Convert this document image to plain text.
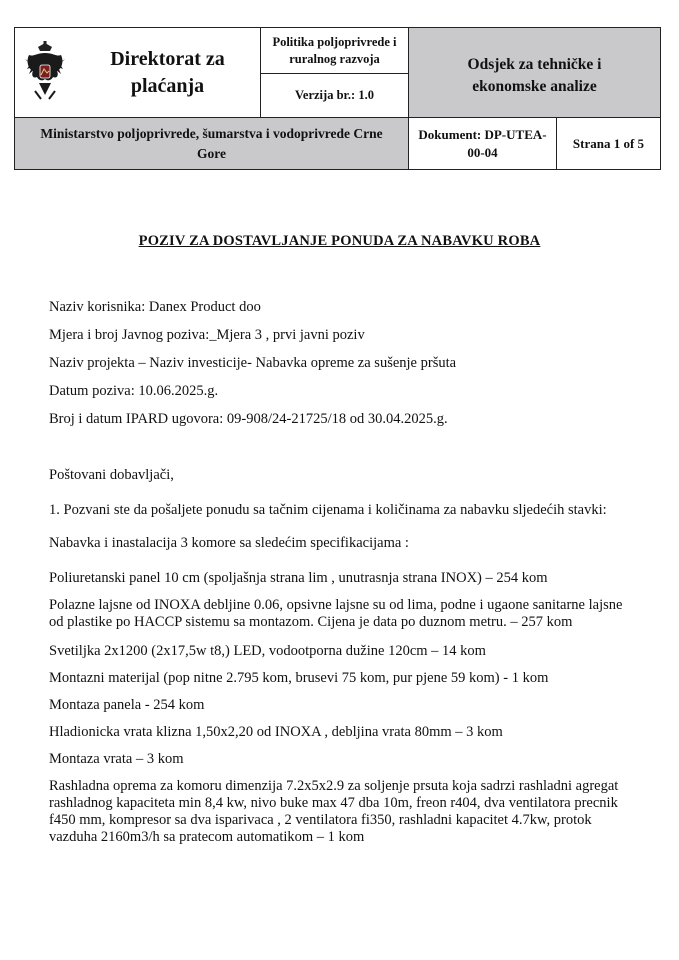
Direktorat za
plaćanja
Politika poljoprivrede i
ruralnog razvoja
Verzija br.: 1.0
Odsjek za tehničke i
ekonomske analize
Ministarstvo poljoprivrede, šumarstva i vodoprivrede Crne
Gore
Dokument: DP-UTEA-
00-04
Strana 1 of 5
POZIV ZA DOSTAVLJANJE PONUDA ZA NABAVKU ROBA
Naziv korisnika: Danex Product doo
Mjera i broj Javnog poziva:_Mjera 3 , prvi javni poziv
Naziv projekta – Naziv investicije- Nabavka opreme za sušenje pršuta
Datum poziva: 10.06.2025.g.
Broj i datum IPARD ugovora: 09-908/24-21725/18 od 30.04.2025.g.
Poštovani dobavljači,
1. Pozvani ste da pošaljete ponudu sa tačnim cijenama i količinama za nabavku sljedećih stavki:
Nabavka i inastalacija 3 komore sa sledećim specifikacijama :
Poliuretanski panel 10 cm (spoljašnja strana lim , unutrasnja strana INOX) – 254 kom
Polazne lajsne od INOXA debljine 0.06, opsivne lajsne su od lima, podne i ugaone sanitarne lajsne
od plastike po HACCP sistemu sa montazom. Cijena je data po duznom metru. – 257 kom
Svetiljka 2x1200 (2x17,5w t8,) LED, vodootporna dužine 120cm – 14 kom
Montazni materijal (pop nitne 2.795 kom, brusevi 75 kom, pur pjene 59 kom) - 1 kom
Montaza panela - 254 kom
Hladionicka vrata klizna 1,50x2,20 od INOXA , debljina vrata 80mm – 3 kom
Montaza vrata – 3 kom
Rashladna oprema za komoru dimenzija 7.2x5x2.9 za soljenje prsuta koja sadrzi rashladni agregat
rashladnog kapaciteta min 8,4 kw, nivo buke max 47 dba 10m, freon r404, dva ventilatora precnik
f450 mm, kompresor sa dva isparivaca , 2 ventilatora fi350, rashladni kapacitet 4.7kw, protok
vazduha 2160m3/h sa pratecom automatikom – 1 kom
